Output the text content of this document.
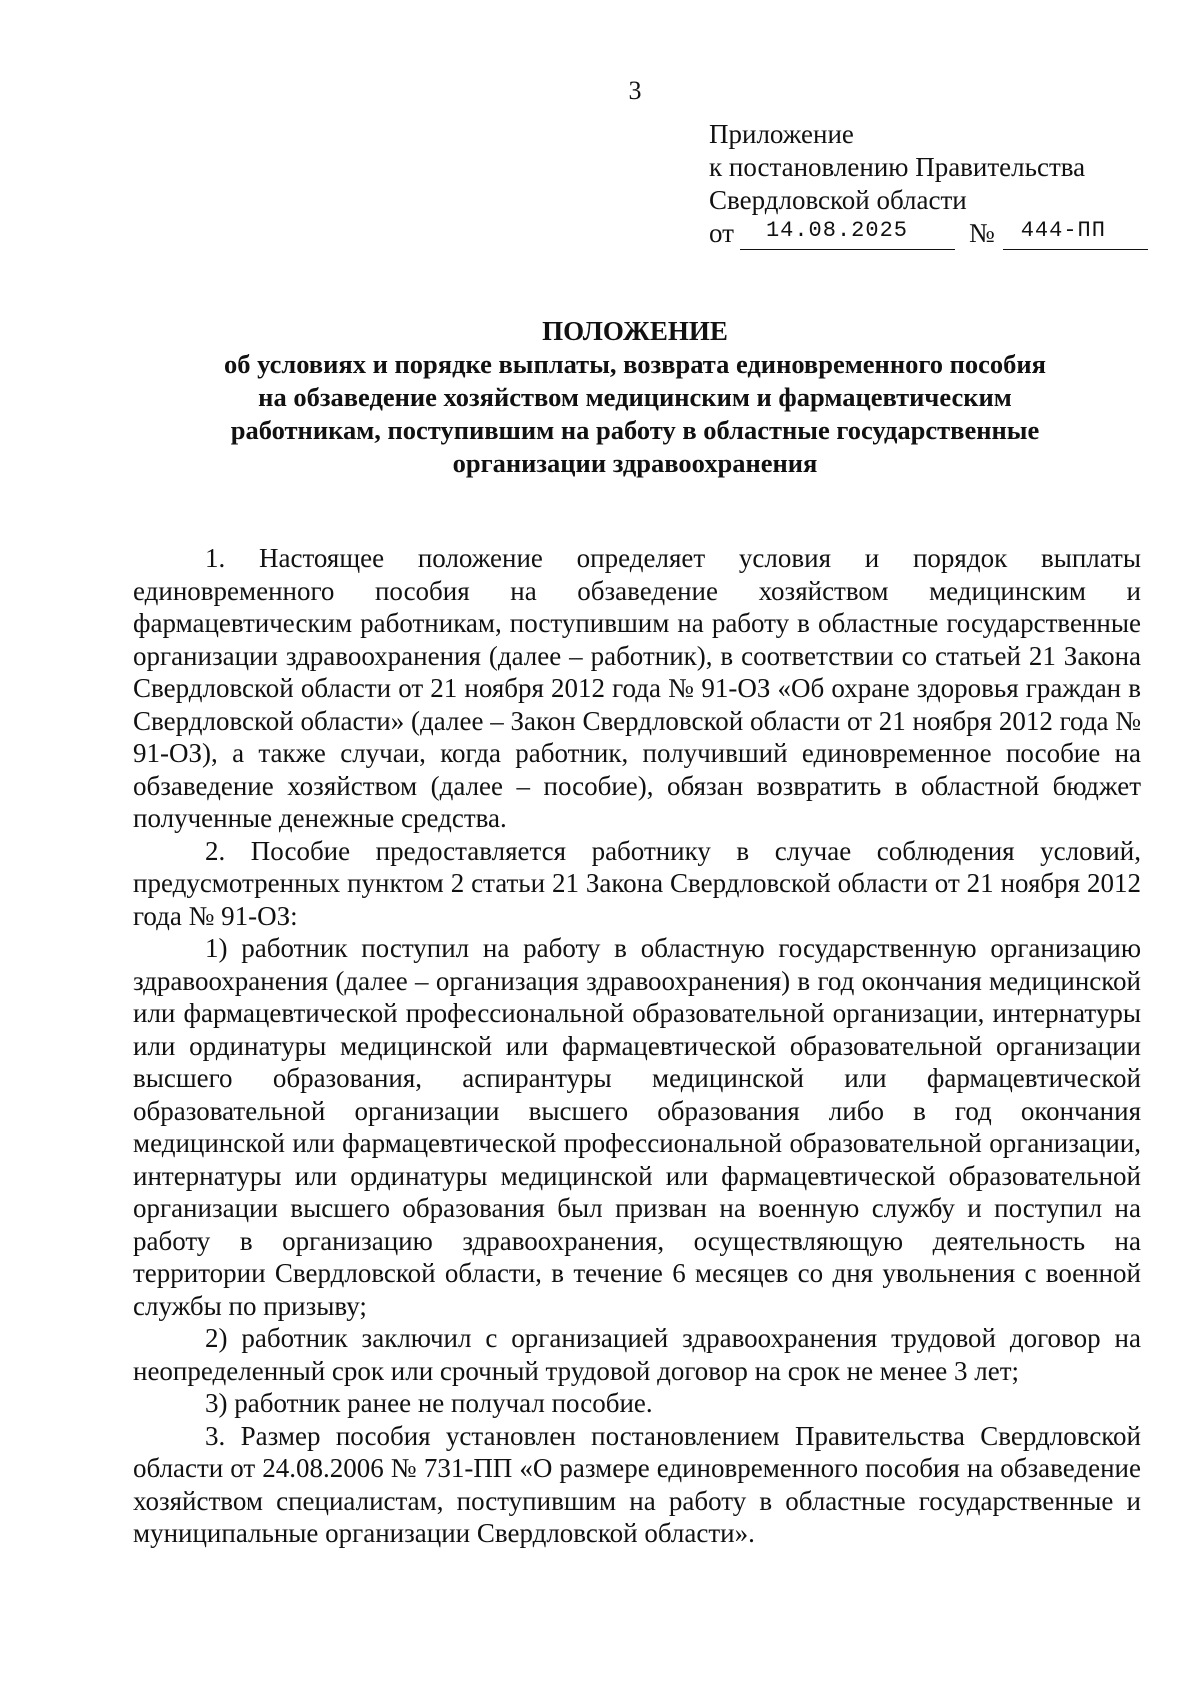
3
Приложение
к постановлению Правительства
Свердловской области
от 14.08.2025 № 444-ПП
ПОЛОЖЕНИЕ
об условиях и порядке выплаты, возврата единовременного пособия
на обзаведение хозяйством медицинским и фармацевтическим
работникам, поступившим на работу в областные государственные
организации здравоохранения

1. Настоящее положение определяет условия и порядок выплаты единовременного пособия на обзаведение хозяйством медицинским и фармацевтическим работникам, поступившим на работу в областные государственные организации здравоохранения (далее – работник), в соответствии со статьей 21 Закона Свердловской области от 21 ноября 2012 года № 91-ОЗ «Об охране здоровья граждан в Свердловской области» (далее – Закон Свердловской области от 21 ноября 2012 года № 91-ОЗ), а также случаи, когда работник, получивший единовременное пособие на обзаведение хозяйством (далее – пособие), обязан возвратить в областной бюджет полученные денежные средства.

2. Пособие предоставляется работнику в случае соблюдения условий, предусмотренных пунктом 2 статьи 21 Закона Свердловской области от 21 ноября 2012 года № 91-ОЗ:

1) работник поступил на работу в областную государственную организацию здравоохранения (далее – организация здравоохранения) в год окончания медицинской или фармацевтической профессиональной образовательной организации, интернатуры или ординатуры медицинской или фармацевтической образовательной организации высшего образования, аспирантуры медицинской или фармацевтической образовательной организации высшего образования либо в год окончания медицинской или фармацевтической профессиональной образовательной организации, интернатуры или ординатуры медицинской или фармацевтической образовательной организации высшего образования был призван на военную службу и поступил на работу в организацию здравоохранения, осуществляющую деятельность на территории Свердловской области, в течение 6 месяцев со дня увольнения с военной службы по призыву;

2) работник заключил с организацией здравоохранения трудовой договор на неопределенный срок или срочный трудовой договор на срок не менее 3 лет;

3) работник ранее не получал пособие.

3. Размер пособия установлен постановлением Правительства Свердловской области от 24.08.2006 № 731-ПП «О размере единовременного пособия на обзаведение хозяйством специалистам, поступившим на работу в областные государственные и муниципальные организации Свердловской области».
